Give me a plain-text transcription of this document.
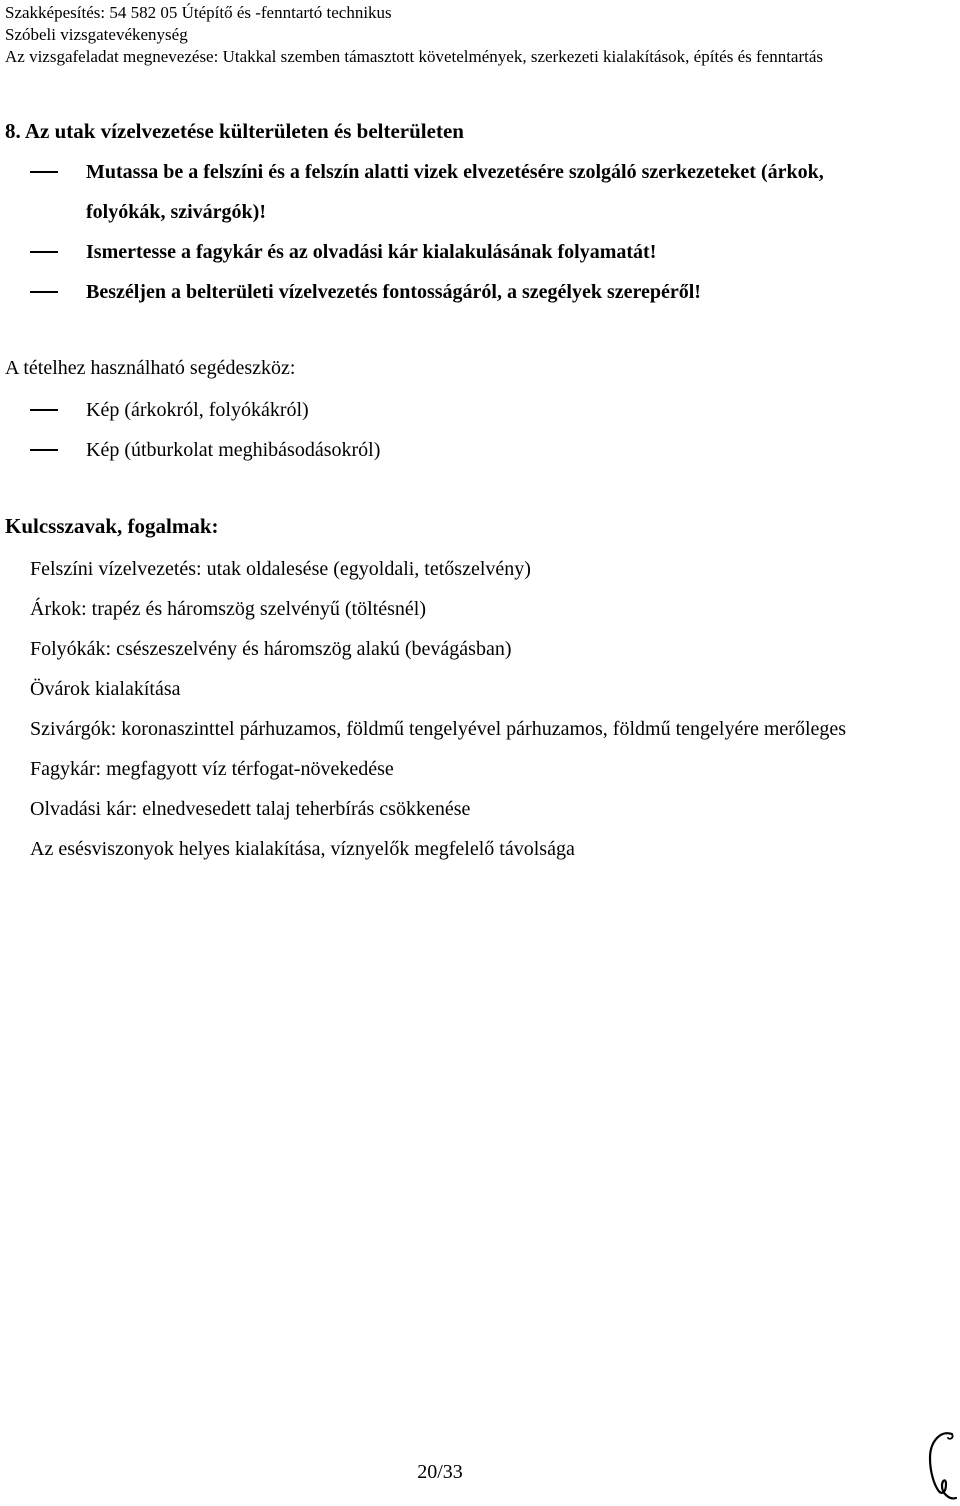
Szakképesítés: 54 582 05 Útépítő és -fenntartó technikus
Szóbeli vizsgatevékenység
Az vizsgafeladat megnevezése: Utakkal szemben támasztott követelmények, szerkezeti kialakítások, építés és fenntartás
8. Az utak vízelvezetése külterületen és belterületen
Mutassa be a felszíni és a felszín alatti vizek elvezetésére szolgáló szerkezeteket (árkok, folyókák, szivárgók)!
Ismertesse a fagykár és az olvadási kár kialakulásának folyamatát!
Beszéljen a belterületi vízelvezetés fontosságáról, a szegélyek szerepéről!
A tételhez használható segédeszköz:
Kép (árkokról, folyókákról)
Kép (útburkolat meghibásodásokról)
Kulcsszavak, fogalmak:
Felszíni vízelvezetés: utak oldalesése (egyoldali, tetőszelvény)
Árkok: trapéz és háromszög szelvényű (töltésnél)
Folyókák: csészeszelvény és háromszög alakú (bevágásban)
Övárok kialakítása
Szivárgók: koronaszinttel párhuzamos, földmű tengelyével párhuzamos, földmű tengelyére merőleges
Fagykár: megfagyott víz térfogat-növekedése
Olvadási kár: elnedvesedett talaj teherbírás csökkenése
Az esésviszonyok helyes kialakítása, víznyelők megfelelő távolsága
20/33
